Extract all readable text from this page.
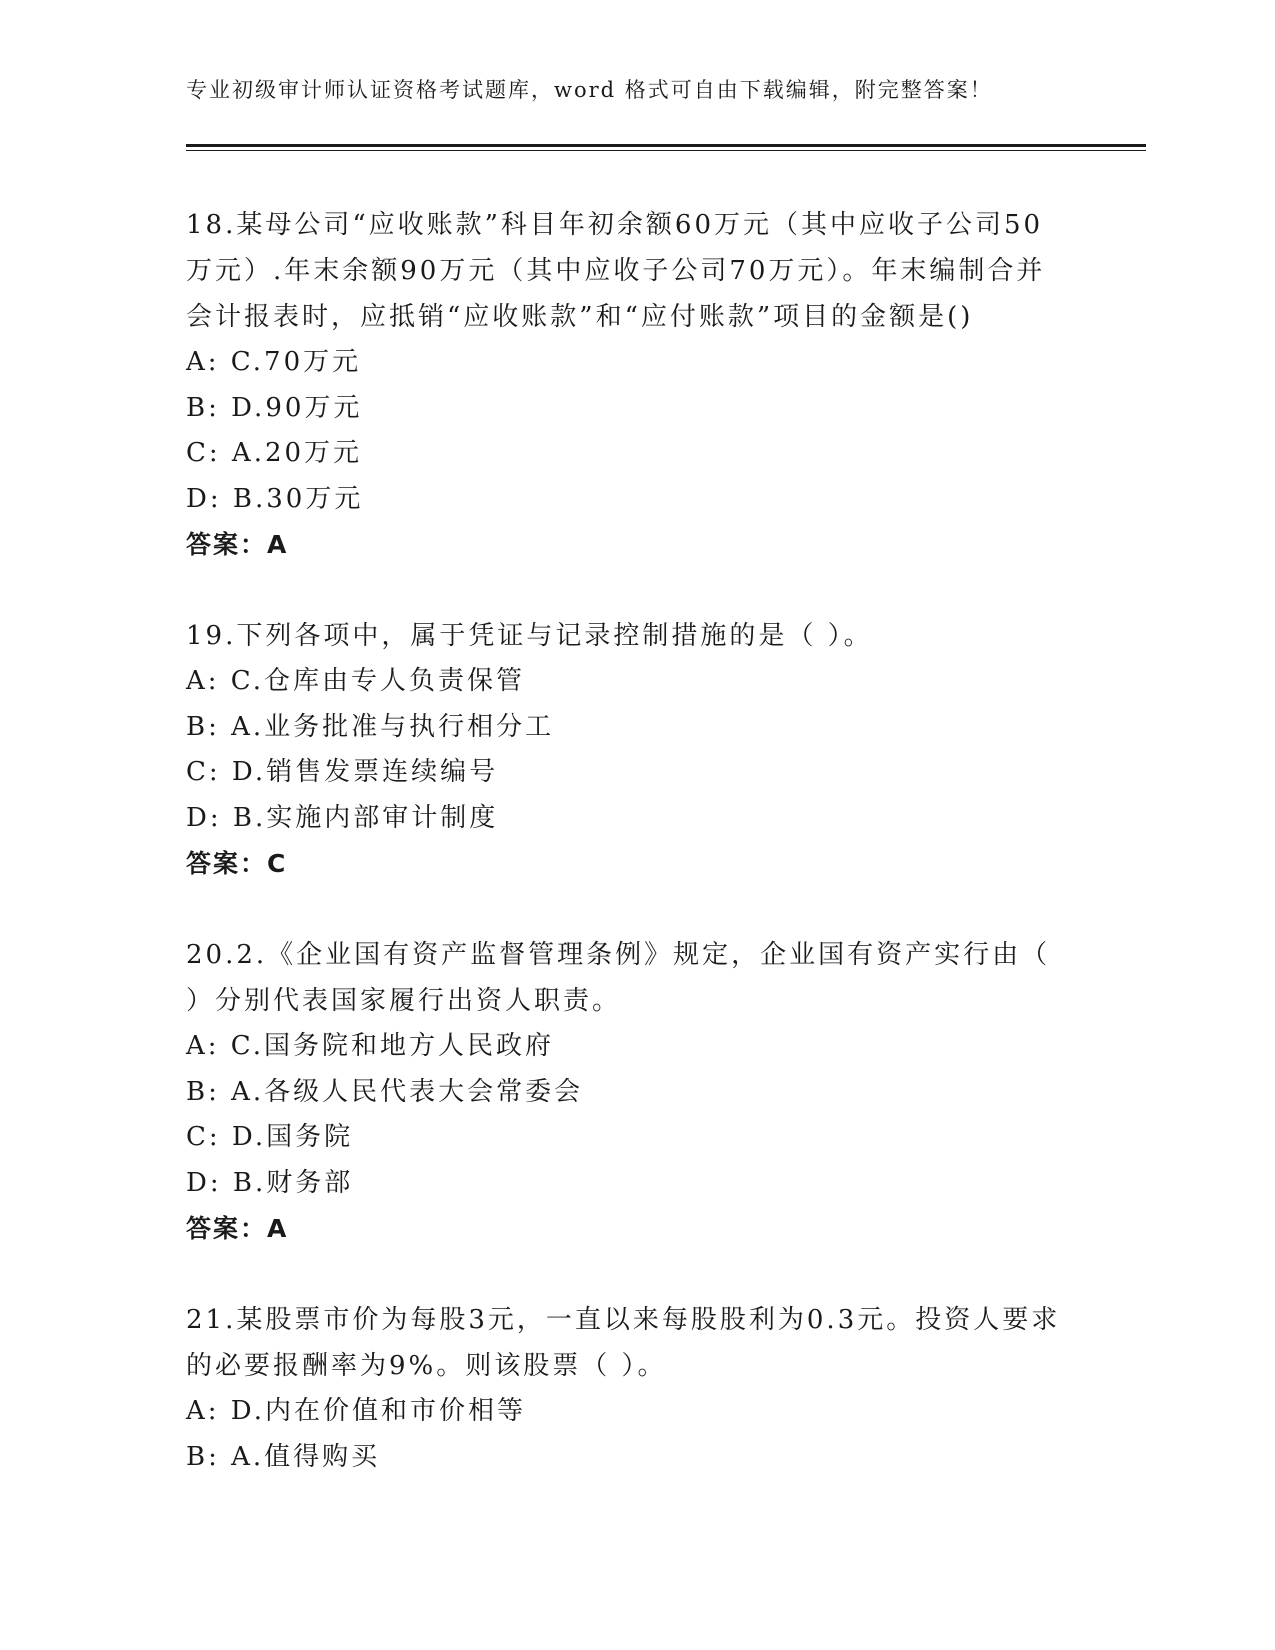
专业初级审计师认证资格考试题库，word 格式可自由下载编辑，附完整答案！
18.某母公司“应收账款”科目年初余额60万元（其中应收子公司50
万元）.年末余额90万元（其中应收子公司70万元）。年末编制合并
会计报表时，应抵销“应收账款”和“应付账款”项目的金额是()
A: C.70万元
B: D.90万元
C: A.20万元
D: B.30万元
答案：A
19.下列各项中，属于凭证与记录控制措施的是（ ）。
A: C.仓库由专人负责保管
B: A.业务批准与执行相分工
C: D.销售发票连续编号
D: B.实施内部审计制度
答案：C
20.2.《企业国有资产监督管理条例》规定，企业国有资产实行由（
）分别代表国家履行出资人职责。
A: C.国务院和地方人民政府
B: A.各级人民代表大会常委会
C: D.国务院
D: B.财务部
答案：A
21.某股票市价为每股3元，一直以来每股股利为0.3元。投资人要求
的必要报酬率为9%。则该股票（ ）。
A: D.内在价值和市价相等
B: A.值得购买
